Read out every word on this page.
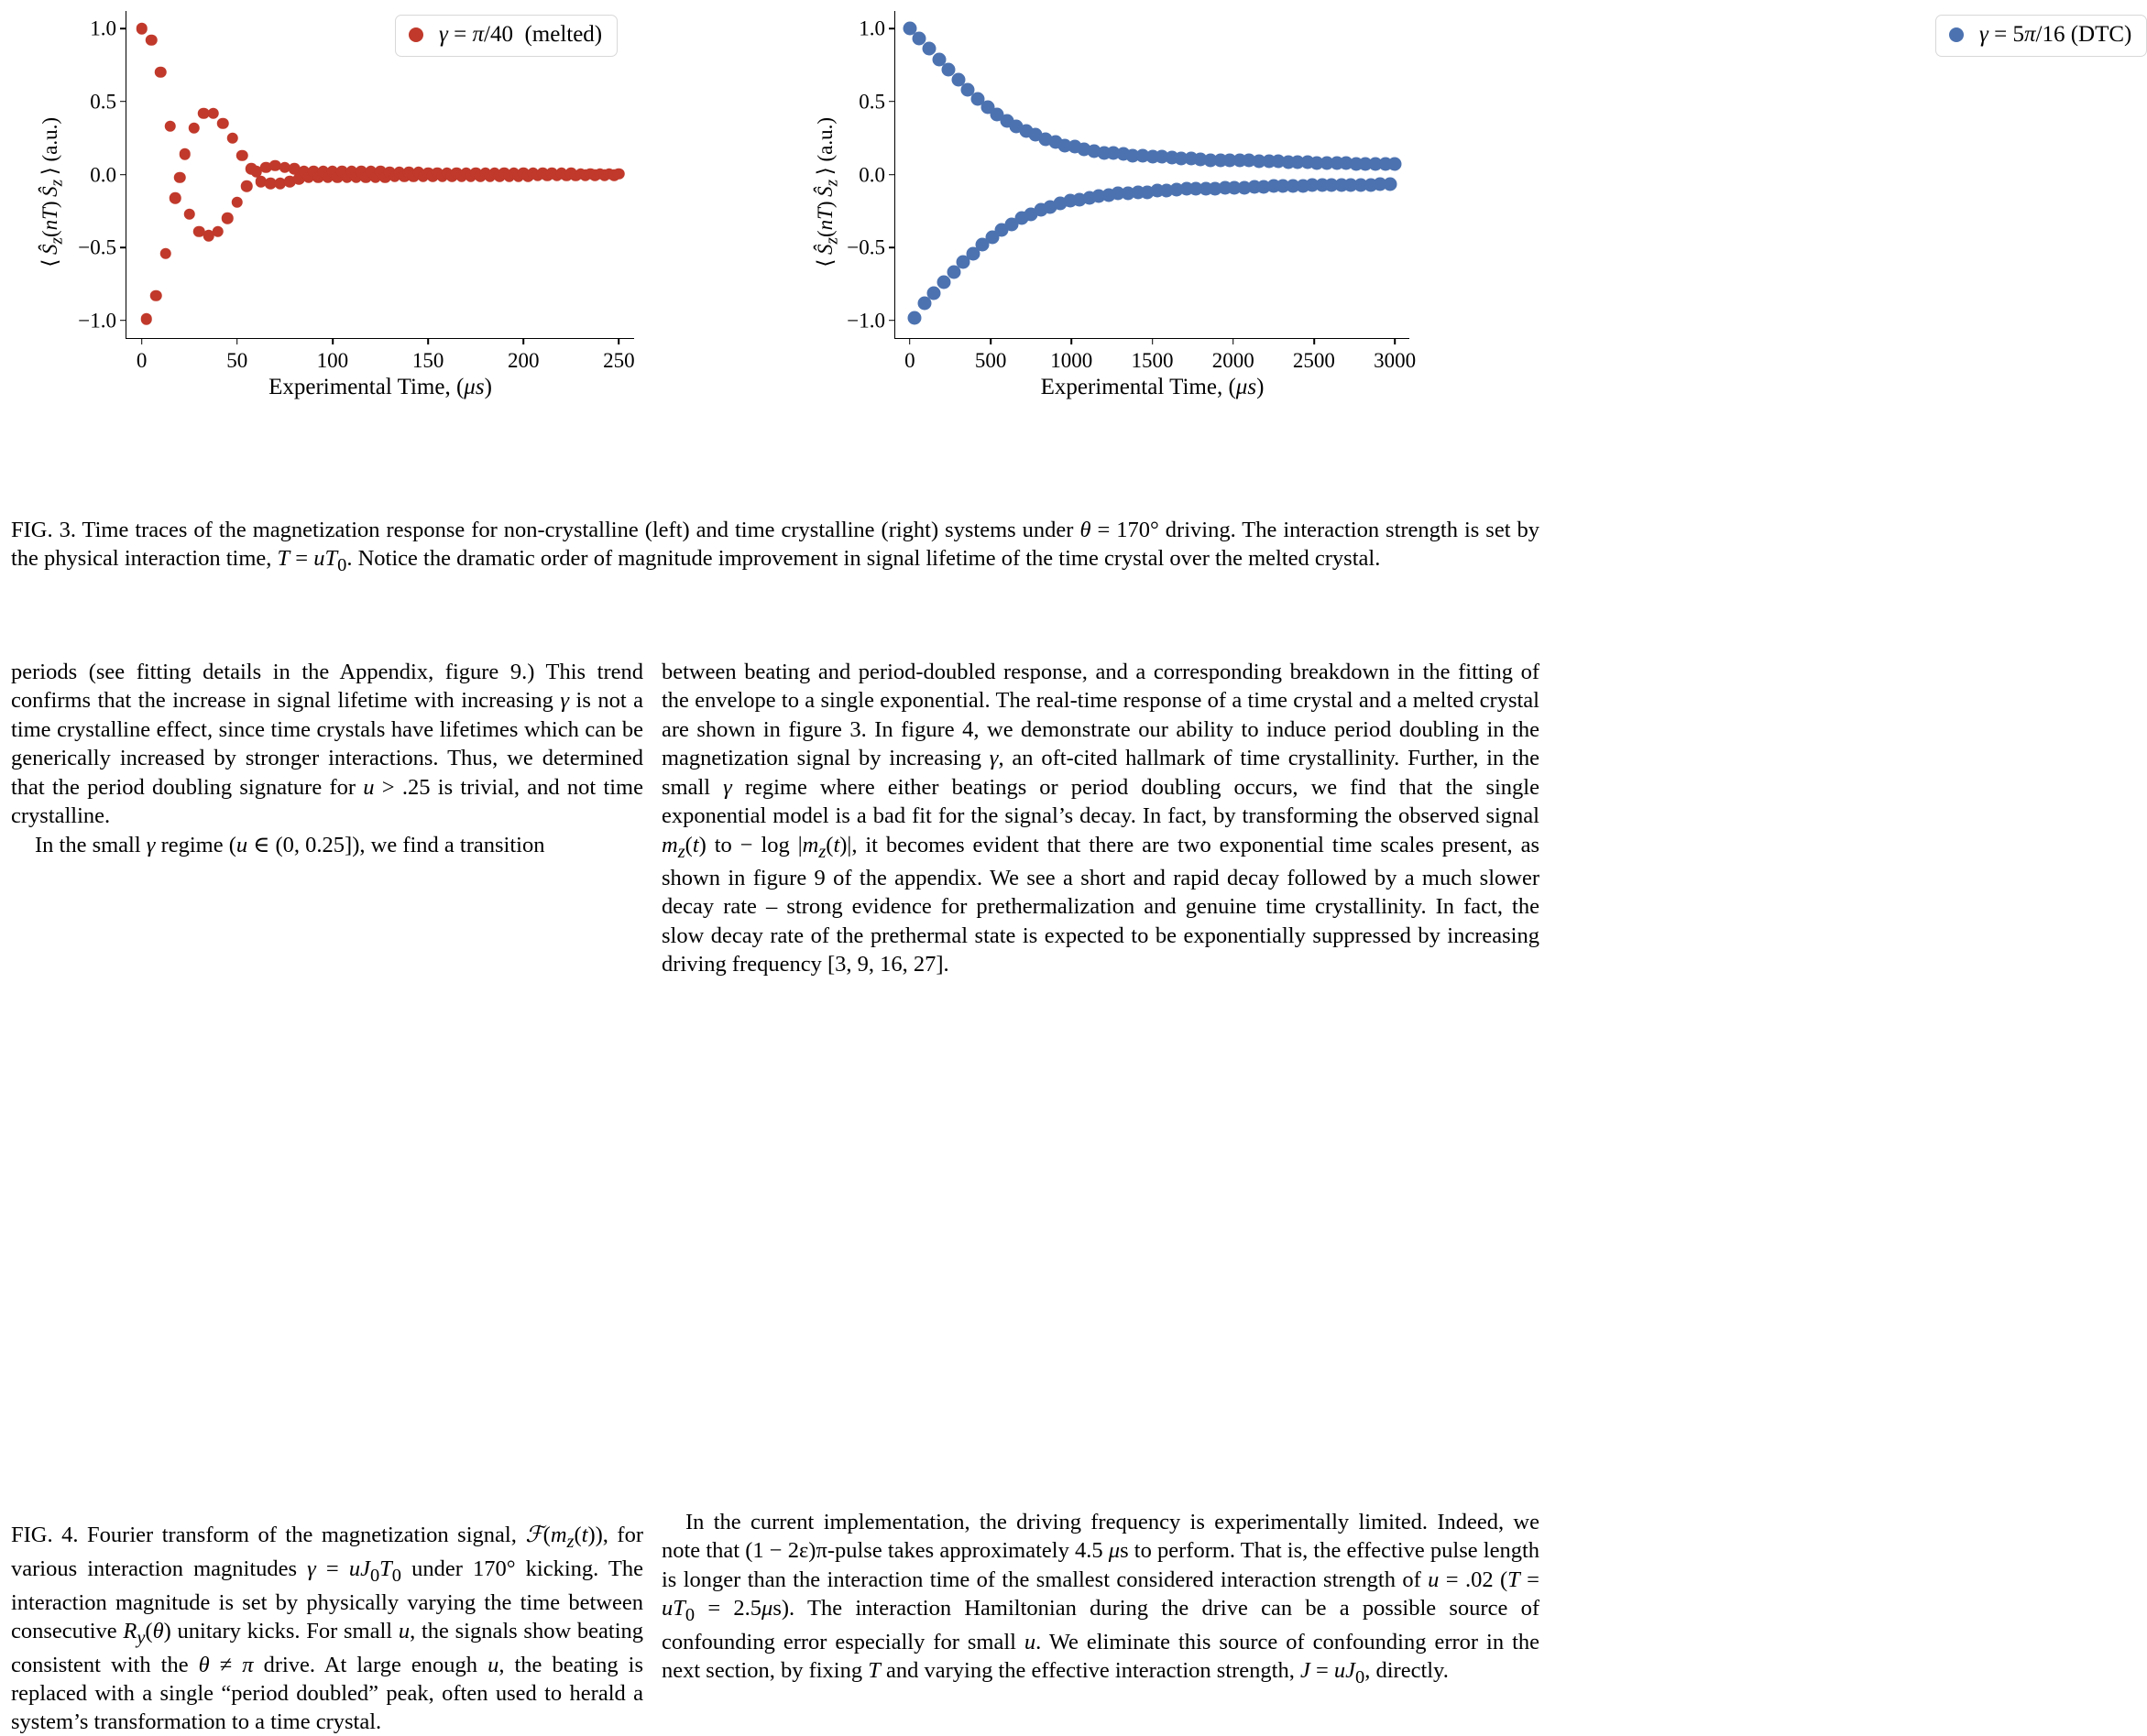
⟨ $Ŝ_z(nT)$ $Ŝ_z$ ⟩ (a.u.)
1.0
0.5
0.0
−0.5
−1.0
0	50	100	150	200	250
Experimental Time, (μs)
γ = π/40  (melted)
⟨ $Ŝ_z(nT)$ $Ŝ_z$ ⟩ (a.u.)
1.0
0.5
0.0
−0.5
−1.0
0	500 1000 1500 2000 2500 3000
Experimental Time, (μs)
γ = 5π/16 (DTC)
FIG. 3. Time traces of the magnetization response for non-crystalline (left) and time crystalline (right) systems under θ = 170° driving. The interaction strength is set by the physical interaction time, $T = uT_0$. Notice the dramatic order of magnitude improvement in signal lifetime of the time crystal over the melted crystal.
periods (see fitting details in the Appendix, figure 9.) This trend confirms that the increase in signal lifetime with increasing γ is not a time crystalline effect, since time crystals have lifetimes which can be generically increased by stronger interactions. Thus, we determined that the period doubling signature for u > .25 is trivial, and not time crystalline.
In the small γ regime (u ∈ (0, 0.25]), we find a transition
between beating and period-doubled response, and a corresponding breakdown in the fitting of the envelope to a single exponential. The real-time response of a time crystal and a melted crystal are shown in figure 3. In figure 4, we demonstrate our ability to induce period doubling in the magnetization signal by increasing γ, an oft-cited hallmark of time crystallinity. Further, in the small γ regime where either beatings or period doubling occurs, we find that the single exponential model is a bad fit for the signal’s decay. In fact, by transforming the observed signal $m_z(t)$ to − $\log |m_z(t)|$, it becomes evident that there are two exponential time scales present, as shown in figure 9 of the appendix. We see a short and rapid decay followed by a much slower decay rate – strong evidence for prethermalization and genuine time crystallinity. In fact, the slow decay rate of the prethermal state is expected to be exponentially suppressed by increasing driving frequency [3, 9, 16, 27].
In the current implementation, the driving frequency is experimentally limited. Indeed, we note that (1 − 2ε)π-pulse takes approximately 4.5 μs to perform. That is, the effective pulse length is longer than the interaction time of the smallest considered interaction strength of u = .02 $(T = uT_0 = 2.5\mu s)$. The interaction Hamiltonian during the drive can be a possible source of confounding error especially for small u. We eliminate this source of confounding error in the next section, by fixing T and varying the effective interaction strength, $J = uJ_0$, directly.
FIG. 4. Fourier transform of the magnetization signal, $ℱ(m_z(t))$, for various interaction magnitudes $\gamma = uJ_0T_0$ under 170° kicking. The interaction magnitude is set by physically varying the time between consecutive $R_y(\theta)$ unitary kicks. For small u, the signals show beating consistent with the θ ≠ π drive. At large enough u, the beating is replaced with a single “period doubled” peak, often used to herald a system’s transformation to a time crystal.
